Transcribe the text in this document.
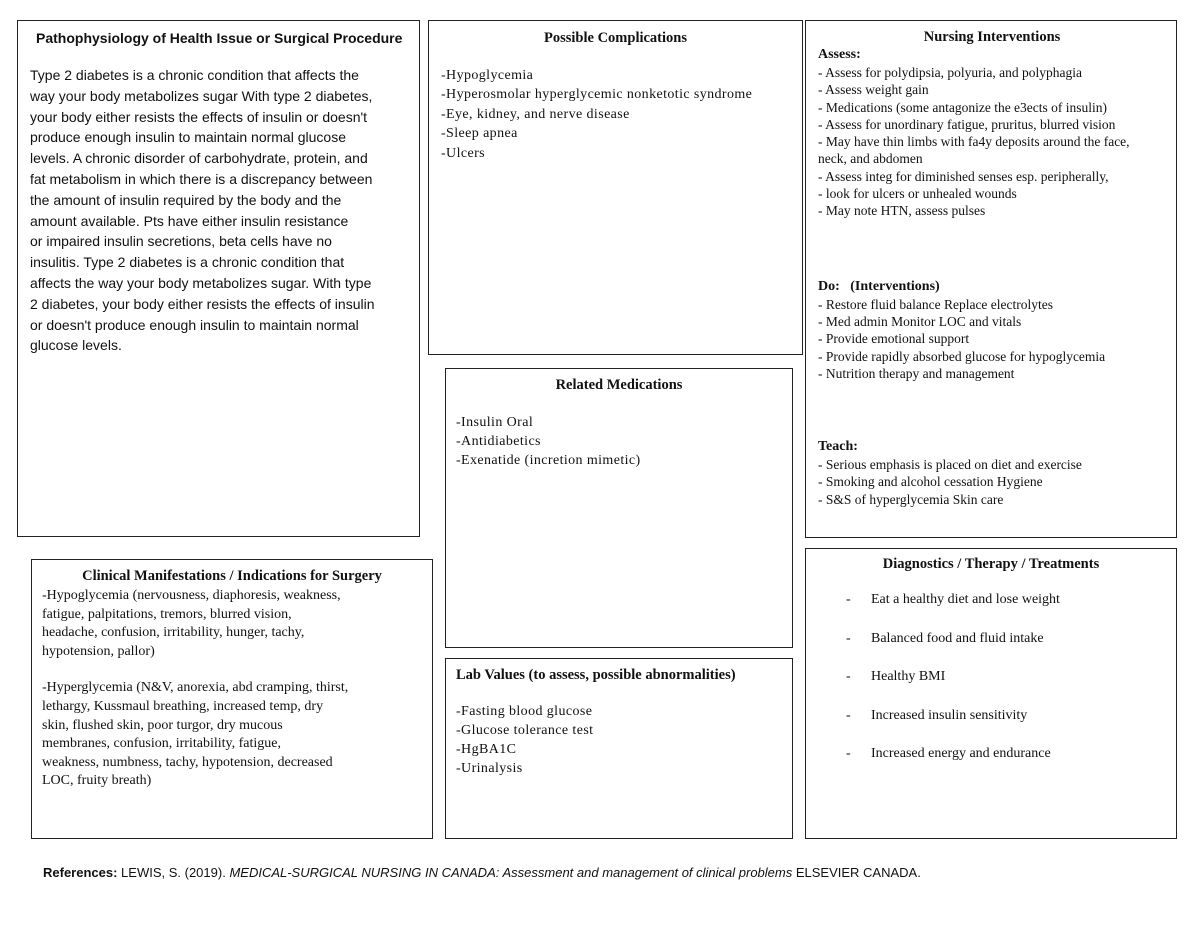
Pathophysiology of Health Issue or Surgical Procedure

Type 2 diabetes is a chronic condition that affects the
way your body metabolizes sugar With type 2 diabetes,
your body either resists the effects of insulin or doesn't
produce enough insulin to maintain normal glucose
levels. A chronic disorder of carbohydrate, protein, and
fat metabolism in which there is a discrepancy between
the amount of insulin required by the body and the
amount available. Pts have either insulin resistance
or impaired insulin secretions, beta cells have no
insulitis. Type 2 diabetes is a chronic condition that
affects the way your body metabolizes sugar. With type
2 diabetes, your body either resists the effects of insulin
or doesn't produce enough insulin to maintain normal
glucose levels.

Possible Complications

-Hypoglycemia
-Hyperosmolar hyperglycemic nonketotic syndrome
-Eye, kidney, and nerve disease
-Sleep apnea
-Ulcers

Nursing Interventions

Assess:
- Assess for polydipsia, polyuria, and polyphagia
- Assess weight gain
- Medications (some antagonize the e3ects of insulin)
- Assess for unordinary fatigue, pruritus, blurred vision
- May have thin limbs with fa4y deposits around the face,
neck, and abdomen
- Assess integ for diminished senses esp. peripherally,
- look for ulcers or unhealed wounds
- May note HTN, assess pulses
Do:   (Interventions)
- Restore fluid balance Replace electrolytes
- Med admin Monitor LOC and vitals
- Provide emotional support
- Provide rapidly absorbed glucose for hypoglycemia
- Nutrition therapy and management
Teach:
- Serious emphasis is placed on diet and exercise
- Smoking and alcohol cessation Hygiene
- S&S of hyperglycemia Skin care

Related Medications

-Insulin Oral
-Antidiabetics
-Exenatide (incretion mimetic)

Clinical Manifestations / Indications for Surgery

-Hypoglycemia (nervousness, diaphoresis, weakness,
fatigue, palpitations, tremors, blurred vision,
headache, confusion, irritability, hunger, tachy,
hypotension, pallor)
-Hyperglycemia (N&V, anorexia, abd cramping, thirst,
lethargy, Kussmaul breathing, increased temp, dry
skin, flushed skin, poor turgor, dry mucous
membranes, confusion, irritability, fatigue,
weakness, numbness, tachy, hypotension, decreased
LOC, fruity breath)

Lab Values (to assess, possible abnormalities)

-Fasting blood glucose
-Glucose tolerance test
-HgBA1C
-Urinalysis

Diagnostics / Therapy / Treatments

- Eat a healthy diet and lose weight
- Balanced food and fluid intake
- Healthy BMI
- Increased insulin sensitivity
- Increased energy and endurance
References: LEWIS, S. (2019). MEDICAL-SURGICAL NURSING IN CANADA: Assessment and management of clinical problems ELSEVIER CANADA.
